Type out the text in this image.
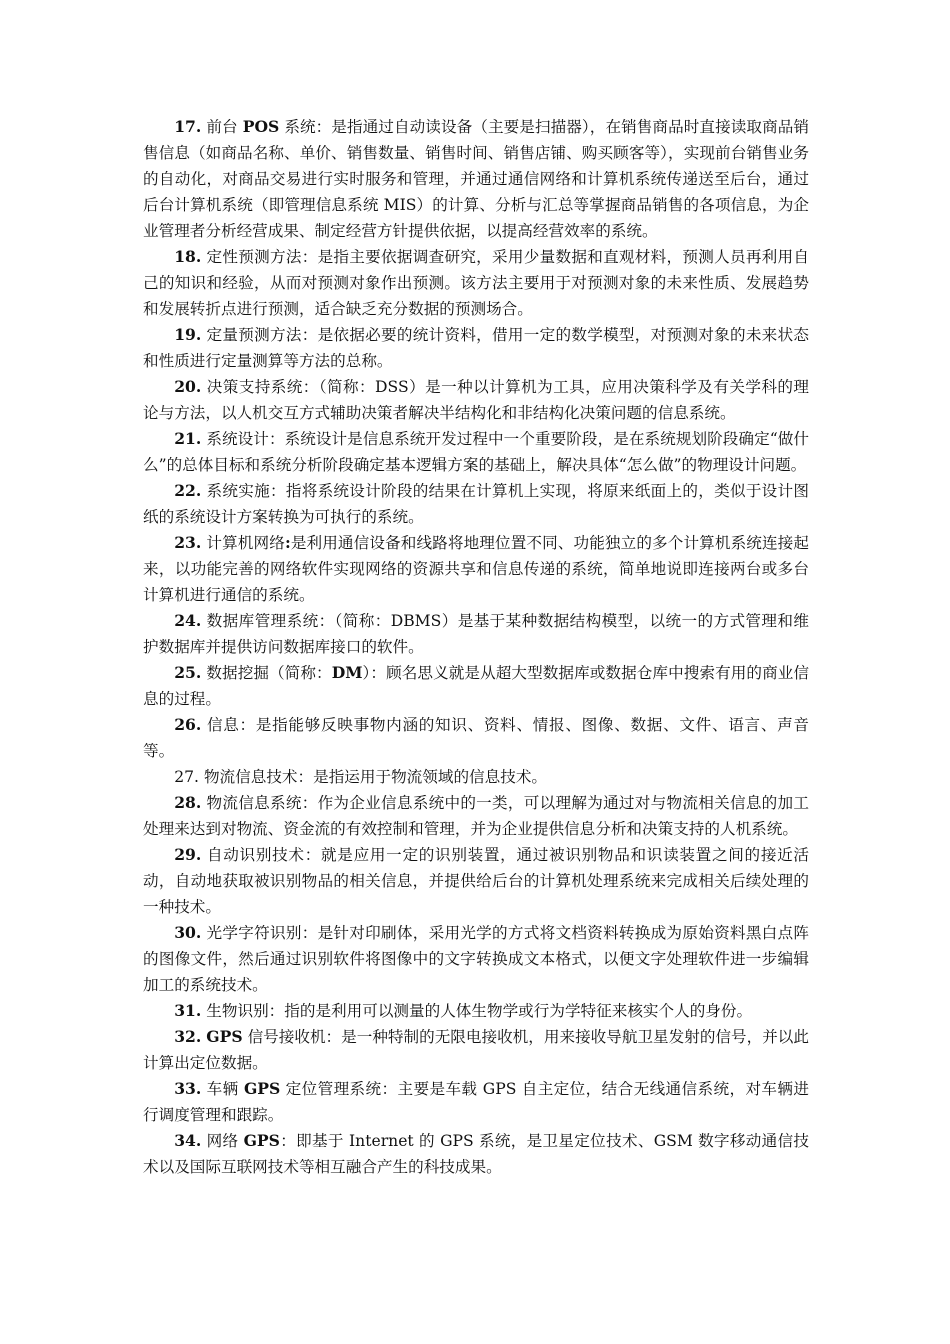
17. 前台 POS 系统：是指通过自动读设备（主要是扫描器），在销售商品时直接读取商品销售信息（如商品名称、单价、销售数量、销售时间、销售店铺、购买顾客等），实现前台销售业务的自动化，对商品交易进行实时服务和管理，并通过通信网络和计算机系统传递送至后台，通过后台计算机系统（即管理信息系统 MIS）的计算、分析与汇总等掌握商品销售的各项信息，为企业管理者分析经营成果、制定经营方针提供依据，以提高经营效率的系统。

18. 定性预测方法：是指主要依据调查研究，采用少量数据和直观材料，预测人员再利用自己的知识和经验，从而对预测对象作出预测。该方法主要用于对预测对象的未来性质、发展趋势和发展转折点进行预测，适合缺乏充分数据的预测场合。

19. 定量预测方法：是依据必要的统计资料，借用一定的数学模型，对预测对象的未来状态和性质进行定量测算等方法的总称。

20. 决策支持系统：（简称：DSS）是一种以计算机为工具，应用决策科学及有关学科的理论与方法，以人机交互方式辅助决策者解决半结构化和非结构化决策问题的信息系统。

21. 系统设计：系统设计是信息系统开发过程中一个重要阶段，是在系统规划阶段确定“做什么”的总体目标和系统分析阶段确定基本逻辑方案的基础上，解决具体“怎么做”的物理设计问题。

22. 系统实施：指将系统设计阶段的结果在计算机上实现，将原来纸面上的，类似于设计图纸的系统设计方案转换为可执行的系统。

23. 计算机网络:是利用通信设备和线路将地理位置不同、功能独立的多个计算机系统连接起来，以功能完善的网络软件实现网络的资源共享和信息传递的系统，简单地说即连接两台或多台计算机进行通信的系统。

24. 数据库管理系统：（简称：DBMS）是基于某种数据结构模型，以统一的方式管理和维护数据库并提供访问数据库接口的软件。

25. 数据挖掘（简称：DM）：顾名思义就是从超大型数据库或数据仓库中搜索有用的商业信息的过程。

26. 信息：是指能够反映事物内涵的知识、资料、情报、图像、数据、文件、语言、声音等。

27. 物流信息技术：是指运用于物流领域的信息技术。

28. 物流信息系统：作为企业信息系统中的一类，可以理解为通过对与物流相关信息的加工处理来达到对物流、资金流的有效控制和管理，并为企业提供信息分析和决策支持的人机系统。

29. 自动识别技术：就是应用一定的识别装置，通过被识别物品和识读装置之间的接近活动，自动地获取被识别物品的相关信息，并提供给后台的计算机处理系统来完成相关后续处理的一种技术。

30. 光学字符识别：是针对印刷体，采用光学的方式将文档资料转换成为原始资料黑白点阵的图像文件，然后通过识别软件将图像中的文字转换成文本格式，以便文字处理软件进一步编辑加工的系统技术。

31. 生物识别：指的是利用可以测量的人体生物学或行为学特征来核实个人的身份。

32. GPS 信号接收机：是一种特制的无限电接收机，用来接收导航卫星发射的信号，并以此计算出定位数据。

33. 车辆 GPS 定位管理系统：主要是车载 GPS 自主定位，结合无线通信系统，对车辆进行调度管理和跟踪。

34. 网络 GPS：即基于 Internet 的 GPS 系统，是卫星定位技术、GSM 数字移动通信技术以及国际互联网技术等相互融合产生的科技成果。
